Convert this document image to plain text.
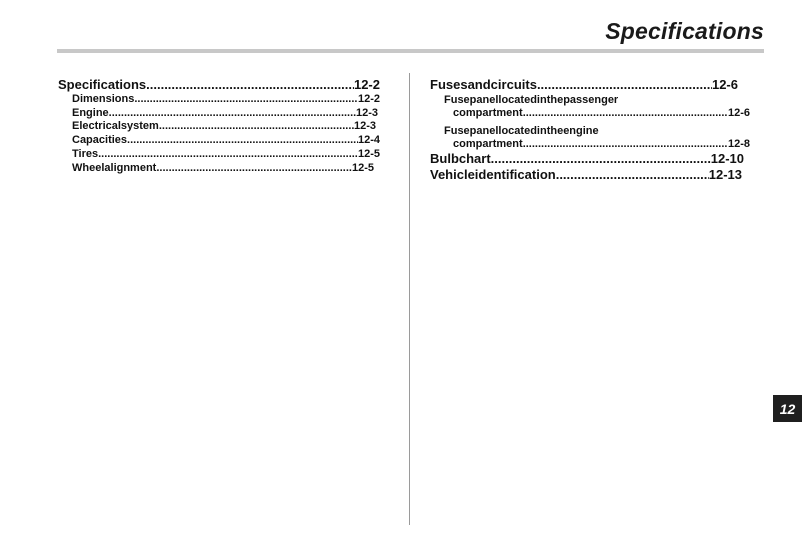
Specifications
Specifications .....	12-2
Dimensions .....	12-2
Engine .....	12-3
Electricalsystem .....	12-3
Capacities .....	12-4
Tires .....	12-5
Wheelalignment .....	12-5
Fusesandcircuits .....	12-6
Fusepanellocatedinthepassenger
compartment .....	12-6
Fusepanellocatedintheengine
compartment .....	12-8
Bulbchart .....	12-10
Vehicleidentification .....	12-13
12
